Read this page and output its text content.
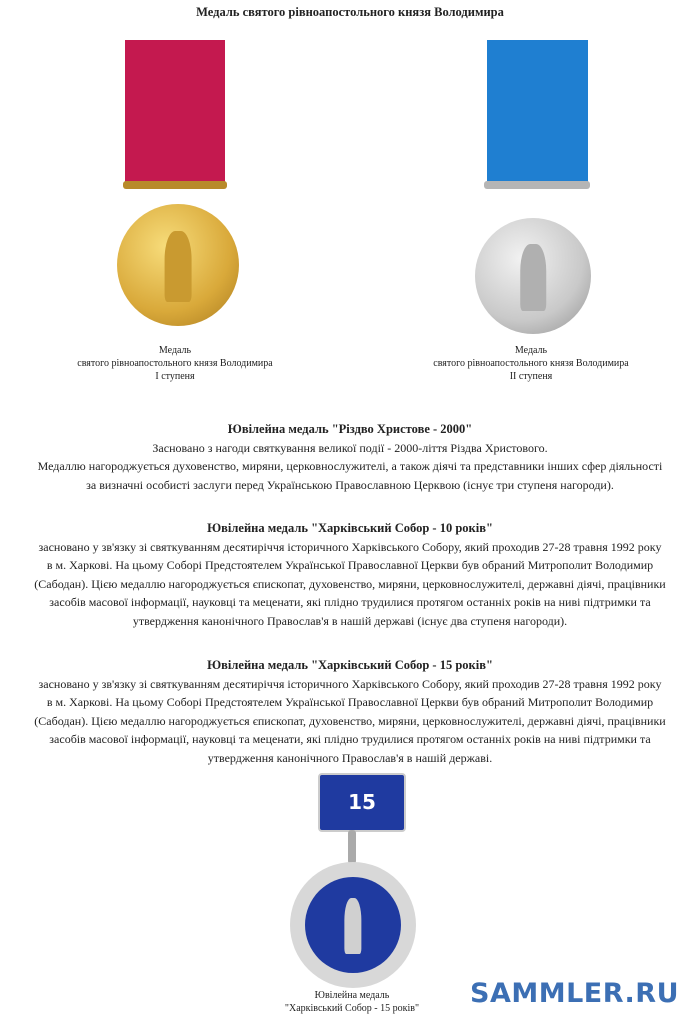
Медаль святого рівноапостольного князя Володимира
Медаль
святого рівноапостольного князя Володимира
I ступеня
Медаль
святого рівноапостольного князя Володимира
II ступеня
Ювілейна медаль "Різдво Христове - 2000"
Засновано з нагоди святкування великої події - 2000-ліття Різдва Христового.
Медаллю нагороджується духовенство, миряни, церковнослужителі, а також діячі та представники інших сфер діяльності
за визначні особисті заслуги перед Українською Православною Церквою (існує три ступеня нагороди).
Ювілейна медаль "Харківський Собор - 10 років"
засновано у зв'язку зі святкуванням десятиріччя історичного Харківського Собору, який проходив 27-28 травня 1992 року
в м. Харкові. На цьому Соборі Предстоятелем Української Православної Церкви був обраний Митрополит Володимир
(Сабодан). Цією медаллю нагороджується єпископат, духовенство, миряни, церковнослужителі, державні діячі, працівники
засобів масової інформації, науковці та меценати, які плідно трудилися протягом останніх років на ниві підтримки та
утвердження канонічного Православ'я в нашій державі (існує два ступеня нагороди).
Ювілейна медаль "Харківський Собор - 15 років"
засновано у зв'язку зі святкуванням десятиріччя історичного Харківського Собору, який проходив 27-28 травня 1992 року
в м. Харкові. На цьому Соборі Предстоятелем Української Православної Церкви був обраний Митрополит Володимир
(Сабодан). Цією медаллю нагороджується єпископат, духовенство, миряни, церковнослужителі, державні діячі, працівники
засобів масової інформації, науковці та меценати, які плідно трудилися протягом останніх років на ниві підтримки та
утвердження канонічного Православ'я в нашій державі.
15
Ювілейна медаль
"Харківський Собор - 15 років"	SAMMLER.RU
